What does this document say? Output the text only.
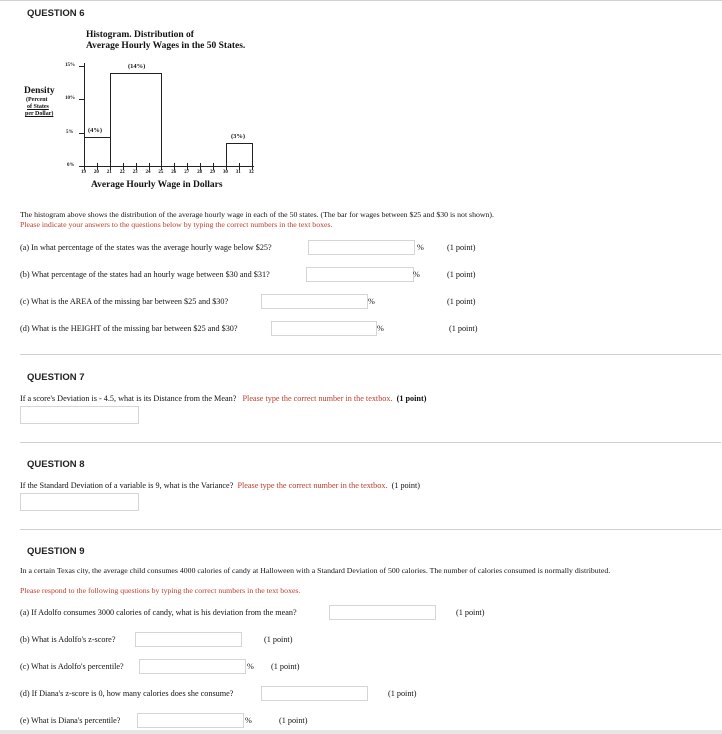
QUESTION 6
Histogram. Distribution of
Average Hourly Wages in the 50 States.
Density
(Percent
of States
per Dollar)
15%
10%
5%
0%
(4%)
(14%)
(3%)
19 20 21 22 23 24 25 26 27 28 29 30 31 32
Average Hourly Wage in Dollars
The histogram above shows the distribution of the average hourly wage in each of the 50 states. (The bar for wages between $25 and $30 is not shown).
Please indicate your answers to the questions below by typing the correct numbers in the text boxes.
(a) In what percentage of the states was the average hourly wage below $25?	%	(1 point)
(b) What percentage of the states had an hourly wage between $30 and $31?	%	(1 point)
(c) What is the AREA of the missing bar between $25 and $30?	%	(1 point)
(d) What is the HEIGHT of the missing bar between $25 and $30?	%	(1 point)
QUESTION 7
If a score's Deviation is - 4.5, what is its Distance from the Mean? Please type the correct number in the textbox. (1 point)
QUESTION 8
If the Standard Deviation of a variable is 9, what is the Variance? Please type the correct number in the textbox. (1 point)
QUESTION 9
In a certain Texas city, the average child consumes 4000 calories of candy at Halloween with a Standard Deviation of 500 calories. The number of calories consumed is normally distributed.
Please respond to the following questions by typing the correct numbers in the text boxes.
(a) If Adolfo consumes 3000 calories of candy, what is his deviation from the mean?	(1 point)
(b) What is Adolfo's z-score?	(1 point)
(c) What is Adolfo's percentile?	% (1 point)
(d) If Diana's z-score is 0, how many calories does she consume?	(1 point)
(e) What is Diana's percentile?	%	(1 point)
